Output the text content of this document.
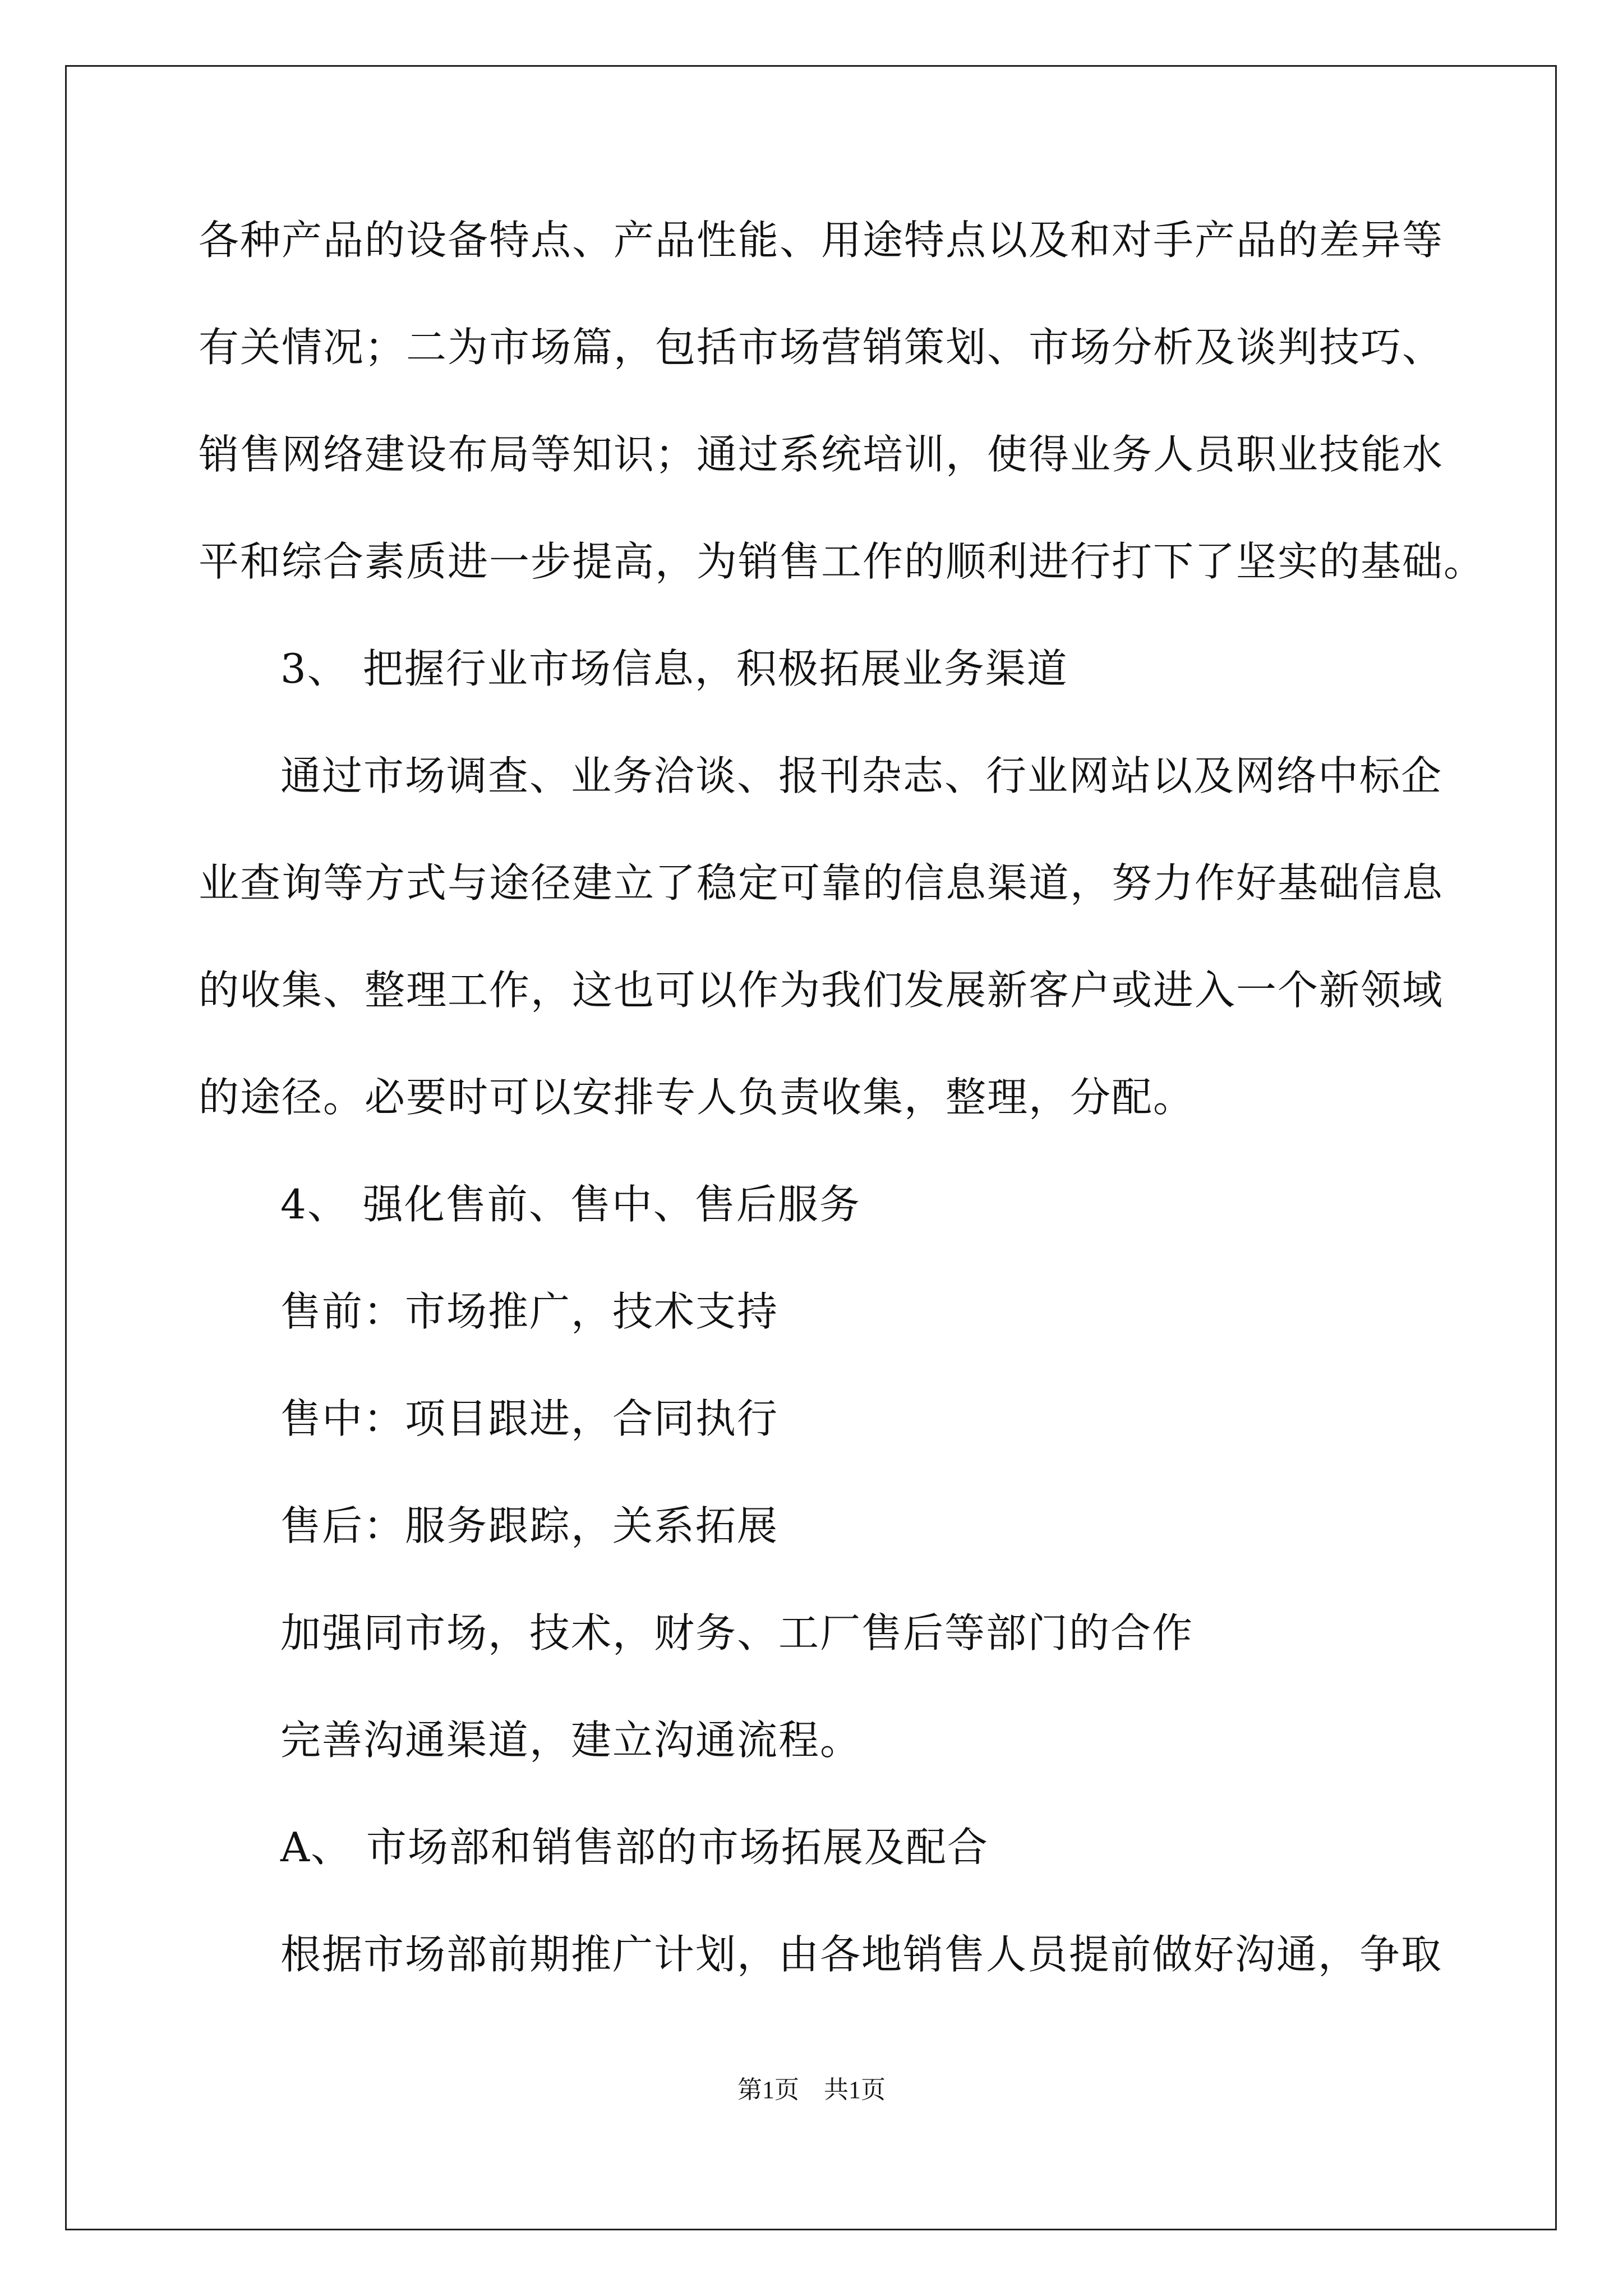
各种产品的设备特点、产品性能、用途特点以及和对手产品的差异等
有关情况；二为市场篇，包括市场营销策划、市场分析及谈判技巧、
销售网络建设布局等知识；通过系统培训，使得业务人员职业技能水
平和综合素质进一步提高，为销售工作的顺利进行打下了坚实的基础。
3、 把握行业市场信息，积极拓展业务渠道
通过市场调查、业务洽谈、报刊杂志、行业网站以及网络中标企
业查询等方式与途径建立了稳定可靠的信息渠道，努力作好基础信息
的收集、整理工作，这也可以作为我们发展新客户或进入一个新领域
的途径。必要时可以安排专人负责收集，整理，分配。
4、 强化售前、售中、售后服务
售前：市场推广，技术支持
售中：项目跟进，合同执行
售后：服务跟踪，关系拓展
加强同市场，技术，财务、工厂售后等部门的合作
完善沟通渠道，建立沟通流程。
A、 市场部和销售部的市场拓展及配合
根据市场部前期推广计划，由各地销售人员提前做好沟通，争取
第1页　共1页
